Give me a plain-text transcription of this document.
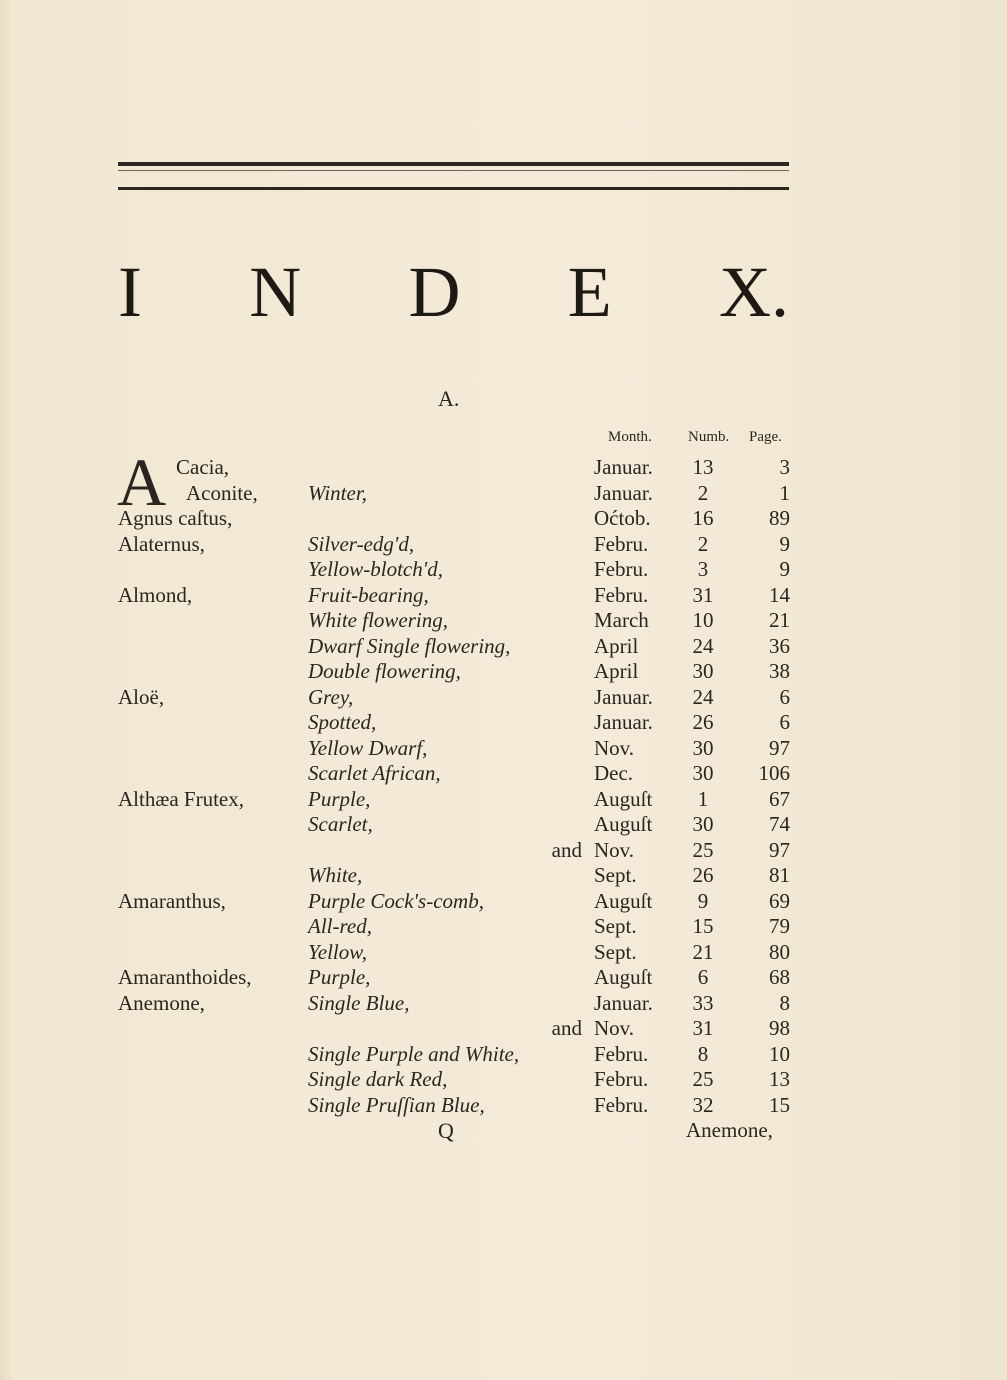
I N D E X.
A.
Month. Numb. Page.
A Cacia,	Januar.	13	3
Aconite, Winter,	Januar.	2	1
Agnus caſtus,	Oćtob.	16	89
Alaternus,	Silver-edg'd,	Febru.	2	9
Yellow-blotch'd,	Febru.	3	9
Almond,	Fruit-bearing,	Febru.	31	14
White flowering,	March	10	21
Dwarf Single flowering,	April	24	36
Double flowering,	April	30	38
Aloë,	Grey,	Januar.	24	6
Spotted,	Januar.	26	6
Yellow Dwarf,	Nov.	30	97
Scarlet African,	Dec.	30	106
Althæa Frutex,	Purple,	Auguſt	1	67
Scarlet,	Auguſt	30	74
and Nov.	25	97
White,	Sept.	26	81
Amaranthus,	Purple Cock's-comb,	Auguſt	9	69
All-red,	Sept.	15	79
Yellow,	Sept.	21	80
Amaranthoides,	Purple,	Auguſt	6	68
Anemone,	Single Blue,	Januar.	33	8
and Nov.	31	98
Single Purple and White,	Febru.	8	10
Single dark Red,	Febru.	25	13
Single Pruſſian Blue,	Febru.	32	15
Q	Anemone,
